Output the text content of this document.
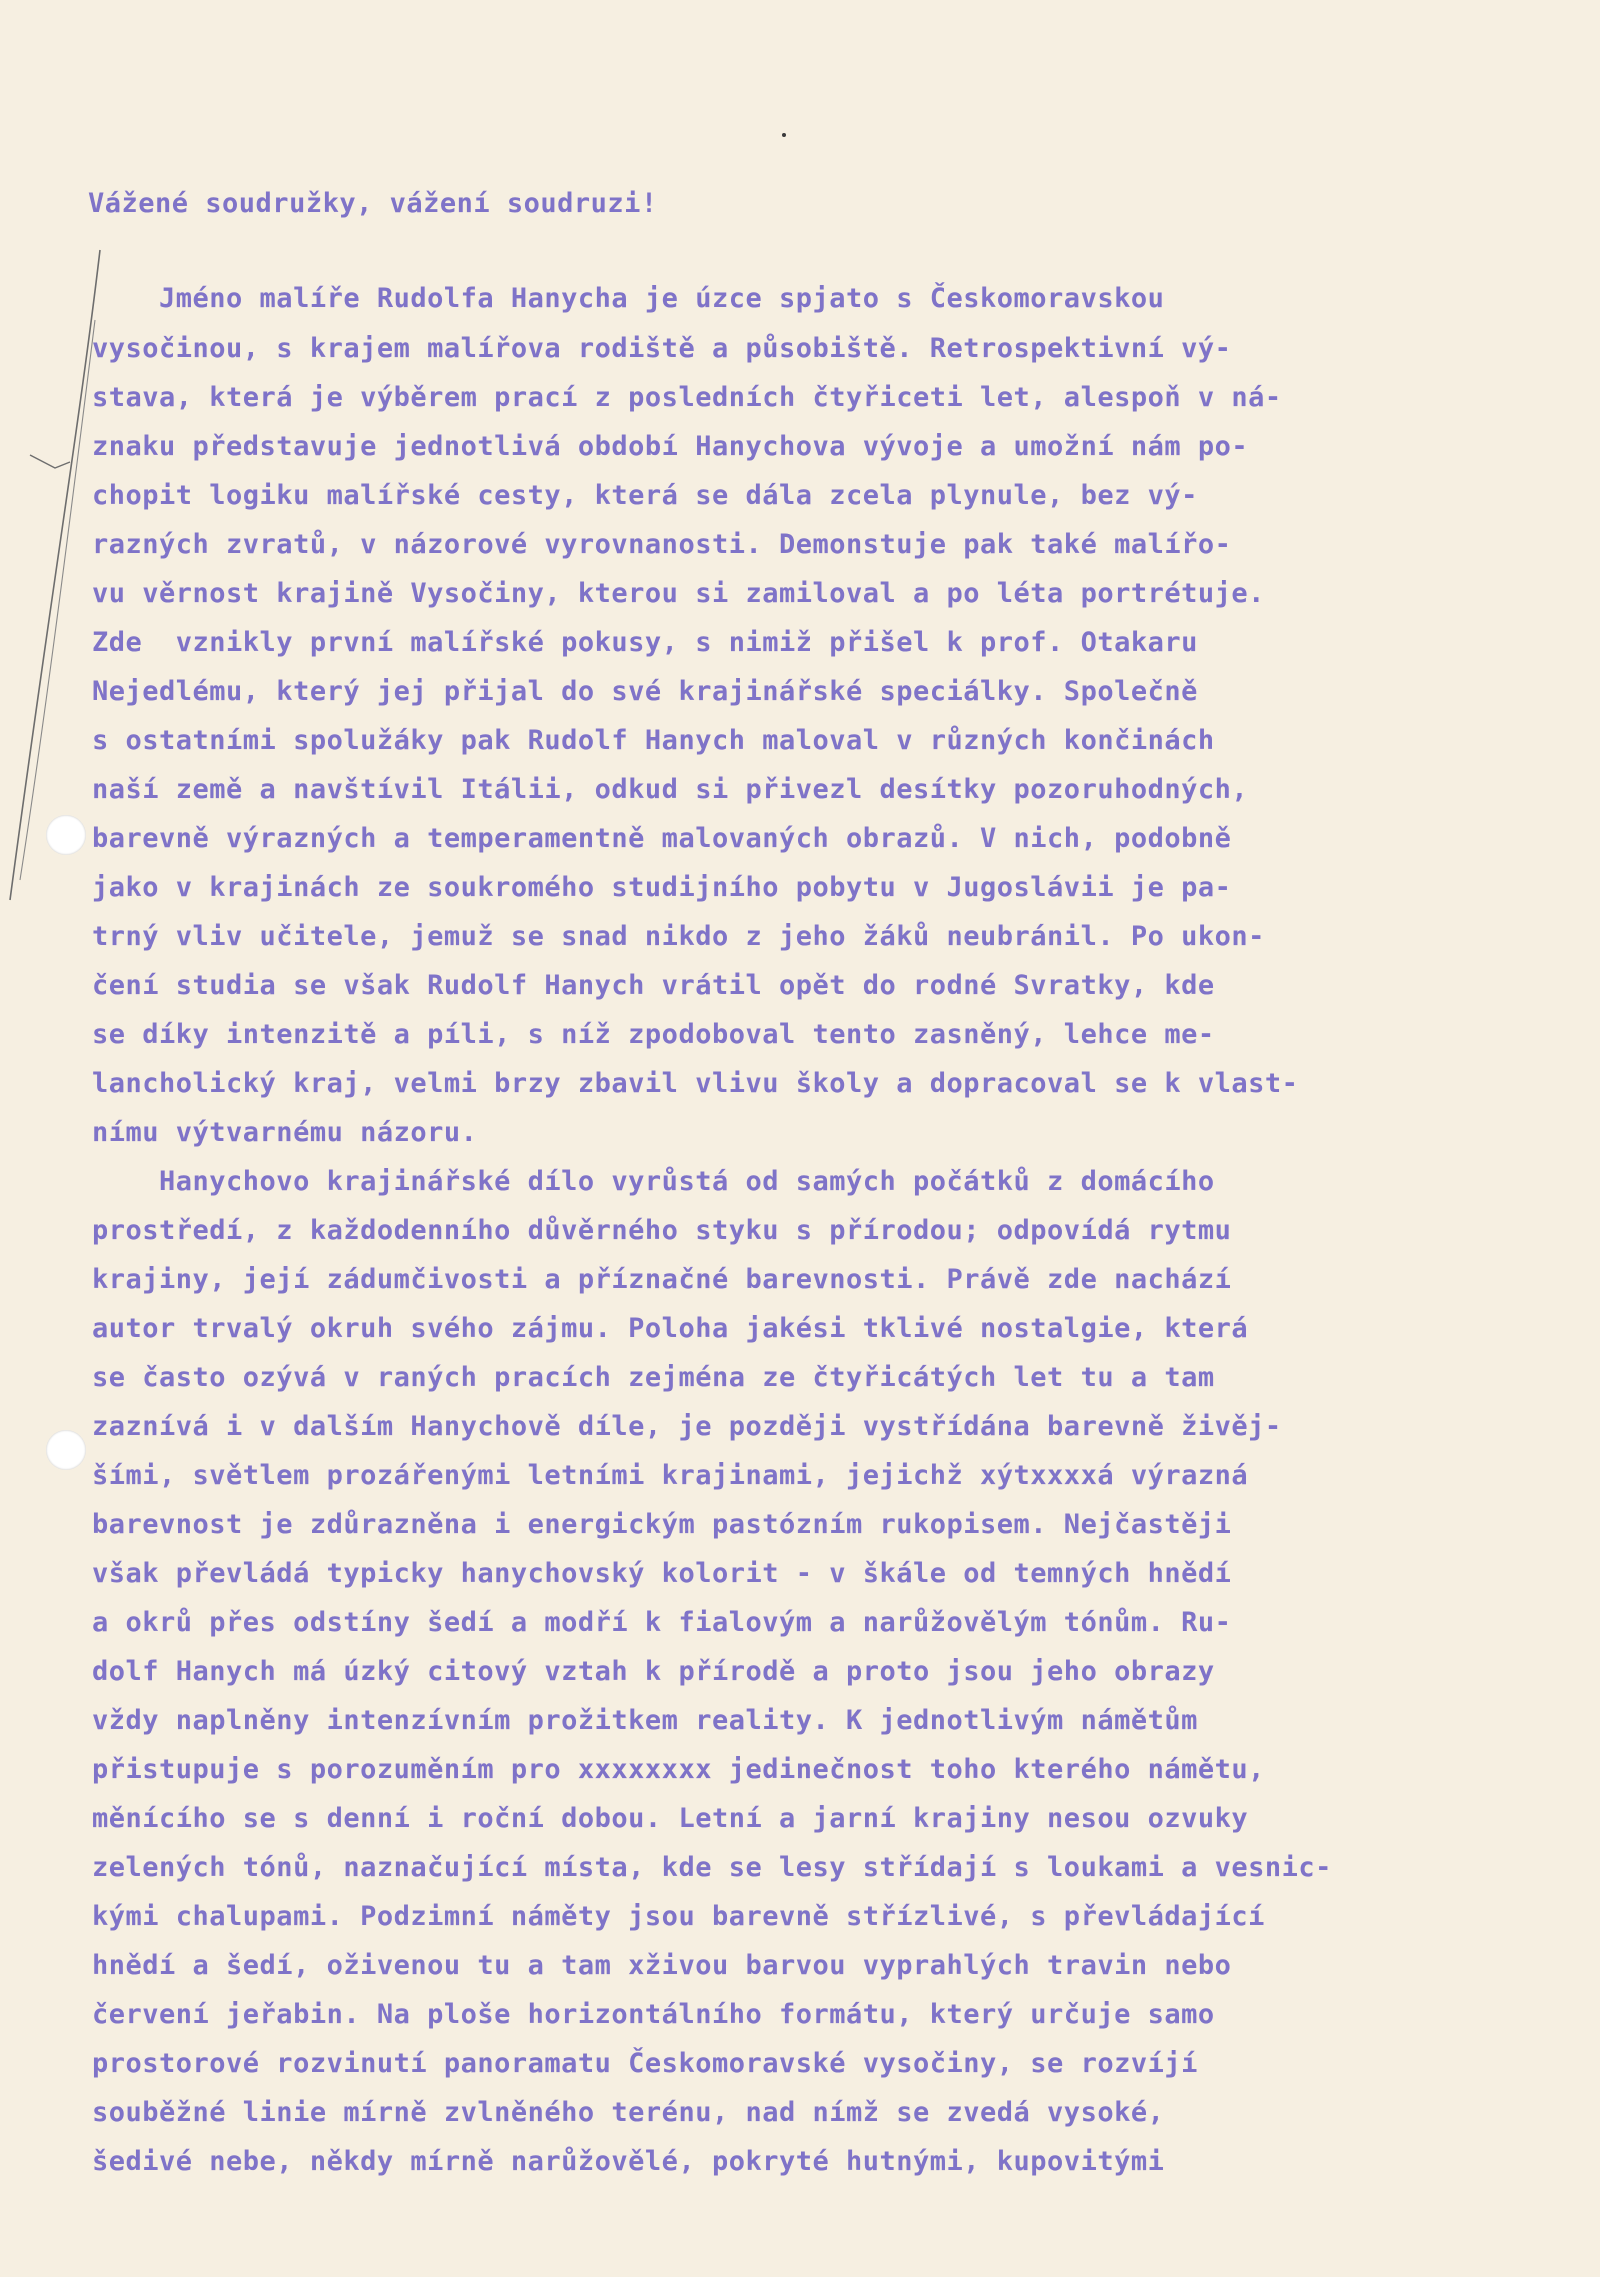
Vážené soudružky, vážení soudruzi!

Jméno malíře Rudolfa Hanycha je úzce spjato s Českomoravskou

vysočinou, s krajem malířova rodiště a působiště. Retrospektivní vý-

stava, která je výběrem prací z posledních čtyřiceti let, alespoň v ná-

znaku představuje jednotlivá období Hanychova vývoje a umožní nám po-

chopit logiku malířské cesty, která se dála zcela plynule, bez vý-

razných zvratů, v názorové vyrovnanosti. Demonstuje pak také malířo-

vu věrnost krajině Vysočiny, kterou si zamiloval a po léta portrétuje.

Zde  vznikly první malířské pokusy, s nimiž přišel k prof. Otakaru

Nejedlému, který jej přijal do své krajinářské speciálky. Společně

s ostatními spolužáky pak Rudolf Hanych maloval v různých končinách

naší země a navštívil Itálii, odkud si přivezl desítky pozoruhodných,

barevně výrazných a temperamentně malovaných obrazů. V nich, podobně

jako v krajinách ze soukromého studijního pobytu v Jugoslávii je pa-

trný vliv učitele, jemuž se snad nikdo z jeho žáků neubránil. Po ukon-

čení studia se však Rudolf Hanych vrátil opět do rodné Svratky, kde

se díky intenzitě a píli, s níž zpodoboval tento zasněný, lehce me-

lancholický kraj, velmi brzy zbavil vlivu školy a dopracoval se k vlast-

nímu výtvarnému názoru.

Hanychovo krajinářské dílo vyrůstá od samých počátků z domácího

prostředí, z každodenního důvěrného styku s přírodou; odpovídá rytmu

krajiny, její zádumčivosti a příznačné barevnosti. Právě zde nachází

autor trvalý okruh svého zájmu. Poloha jakési tklivé nostalgie, která

se často ozývá v raných pracích zejména ze čtyřicátých let tu a tam

zaznívá i v dalším Hanychově díle, je později vystřídána barevně živěj-

šími, světlem prozářenými letními krajinami, jejichž xýtxxxxá výrazná

barevnost je zdůrazněna i energickým pastózním rukopisem. Nejčastěji

však převládá typicky hanychovský kolorit - v škále od temných hnědí

a okrů přes odstíny šedí a modří k fialovým a narůžovělým tónům. Ru-

dolf Hanych má úzký citový vztah k přírodě a proto jsou jeho obrazy

vždy naplněny intenzívním prožitkem reality. K jednotlivým námětům

přistupuje s porozuměním pro xxxxxxxx jedinečnost toho kterého námětu,

měnícího se s denní i roční dobou. Letní a jarní krajiny nesou ozvuky

zelených tónů, naznačující místa, kde se lesy střídají s loukami a vesnic-

kými chalupami. Podzimní náměty jsou barevně střízlivé, s převládající

hnědí a šedí, oživenou tu a tam xživou barvou vyprahlých travin nebo

červení jeřabin. Na ploše horizontálního formátu, který určuje samo

prostorové rozvinutí panoramatu Českomoravské vysočiny, se rozvíjí

souběžné linie mírně zvlněného terénu, nad nímž se zvedá vysoké,

šedivé nebe, někdy mírně narůžovělé, pokryté hutnými, kupovitými
